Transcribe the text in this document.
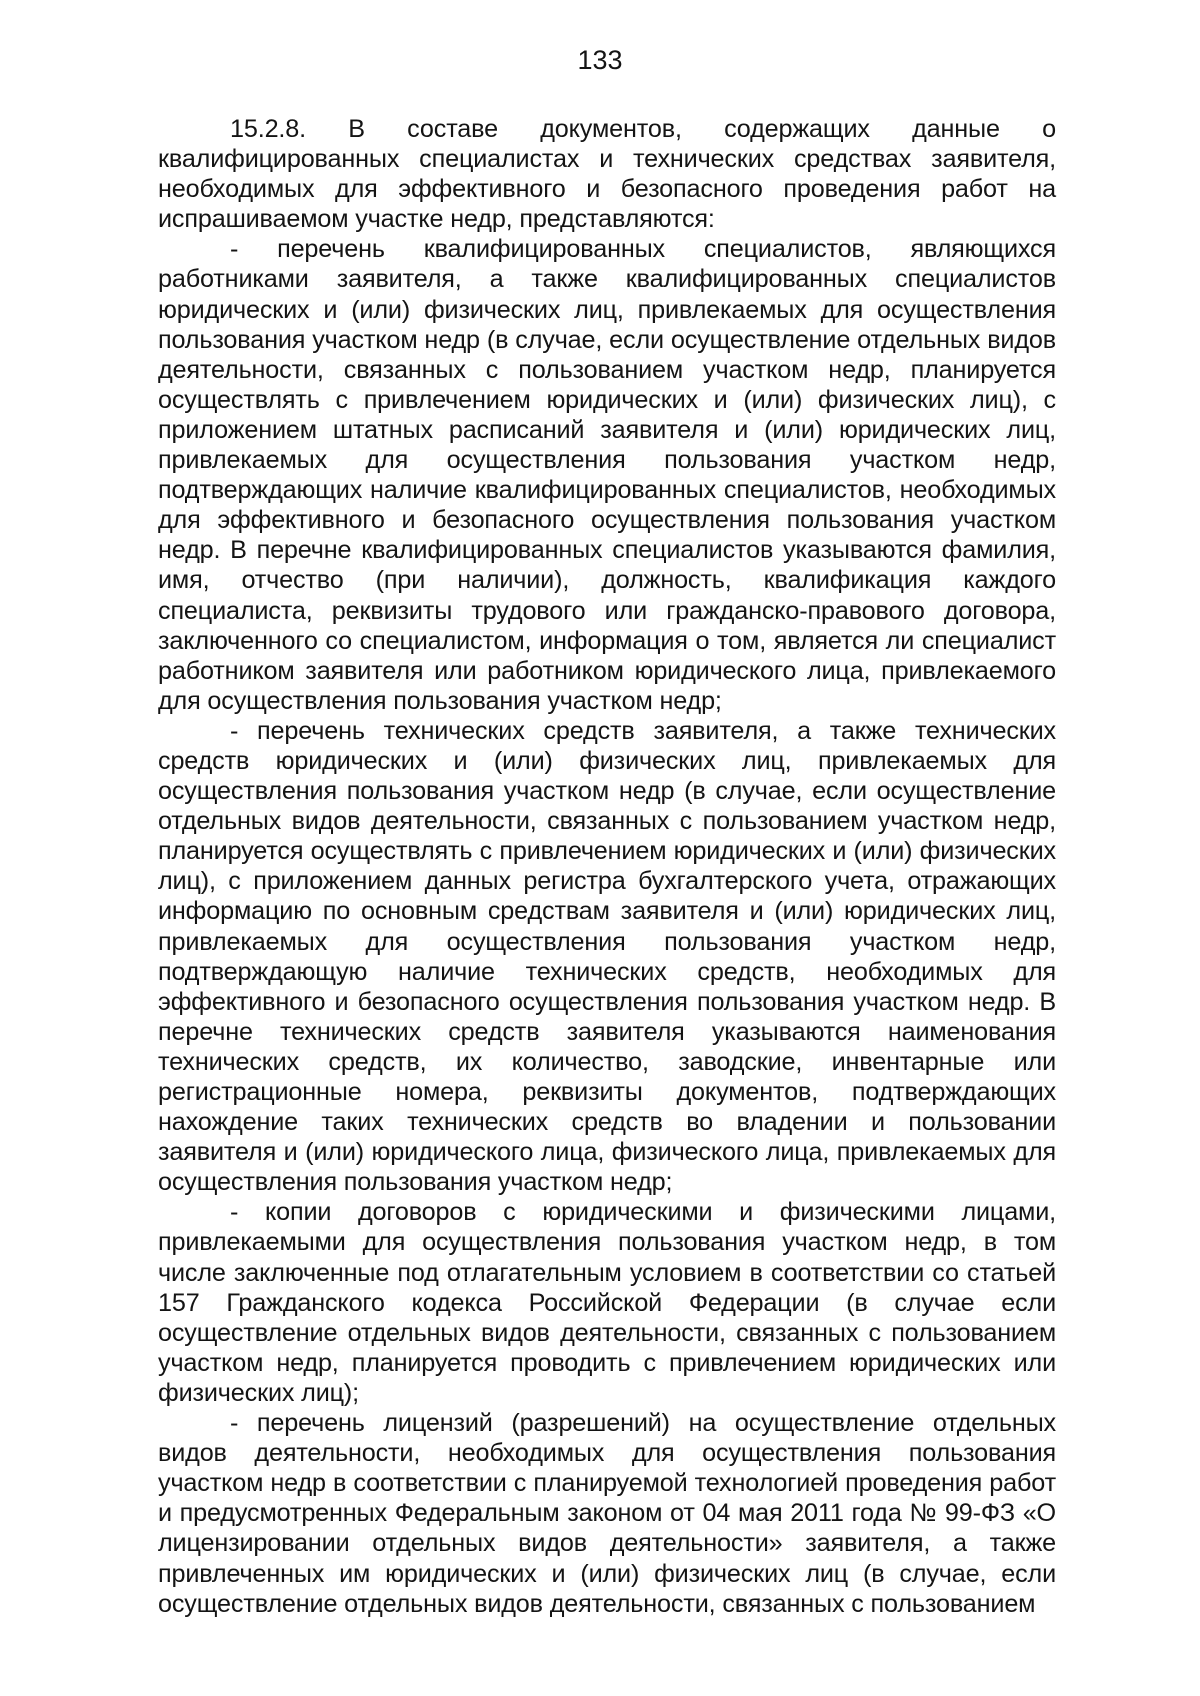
133

15.2.8. В составе документов, содержащих данные о квалифицированных специалистах и технических средствах заявителя, необходимых для эффективного и безопасного проведения работ на испрашиваемом участке недр, представляются:

- перечень квалифицированных специалистов, являющихся работниками заявителя, а также квалифицированных специалистов юридических и (или) физических лиц, привлекаемых для осуществления пользования участком недр (в случае, если осуществление отдельных видов деятельности, связанных с пользованием участком недр, планируется осуществлять с привлечением юридических и (или) физических лиц), с приложением штатных расписаний заявителя и (или) юридических лиц, привлекаемых для осуществления пользования участком недр, подтверждающих наличие квалифицированных специалистов, необходимых для эффективного и безопасного осуществления пользования участком недр. В перечне квалифицированных специалистов указываются фамилия, имя, отчество (при наличии), должность, квалификация каждого специалиста, реквизиты трудового или гражданско-правового договора, заключенного со специалистом, информация о том, является ли специалист работником заявителя или работником юридического лица, привлекаемого для осуществления пользования участком недр;

- перечень технических средств заявителя, а также технических средств юридических и (или) физических лиц, привлекаемых для осуществления пользования участком недр (в случае, если осуществление отдельных видов деятельности, связанных с пользованием участком недр, планируется осуществлять с привлечением юридических и (или) физических лиц), с приложением данных регистра бухгалтерского учета, отражающих информацию по основным средствам заявителя и (или) юридических лиц, привлекаемых для осуществления пользования участком недр, подтверждающую наличие технических средств, необходимых для эффективного и безопасного осуществления пользования участком недр. В перечне технических средств заявителя указываются наименования технических средств, их количество, заводские, инвентарные или регистрационные номера, реквизиты документов, подтверждающих нахождение таких технических средств во владении и пользовании заявителя и (или) юридического лица, физического лица, привлекаемых для осуществления пользования участком недр;

- копии договоров с юридическими и физическими лицами, привлекаемыми для осуществления пользования участком недр, в том числе заключенные под отлагательным условием в соответствии со статьей 157 Гражданского кодекса Российской Федерации (в случае если осуществление отдельных видов деятельности, связанных с пользованием участком недр, планируется проводить с привлечением юридических или физических лиц);

- перечень лицензий (разрешений) на осуществление отдельных видов деятельности, необходимых для осуществления пользования участком недр в соответствии с планируемой технологией проведения работ и предусмотренных Федеральным законом от 04 мая 2011 года № 99-ФЗ «О лицензировании отдельных видов деятельности» заявителя, а также привлеченных им юридических и (или) физических лиц (в случае, если осуществление отдельных видов деятельности, связанных с пользованием
